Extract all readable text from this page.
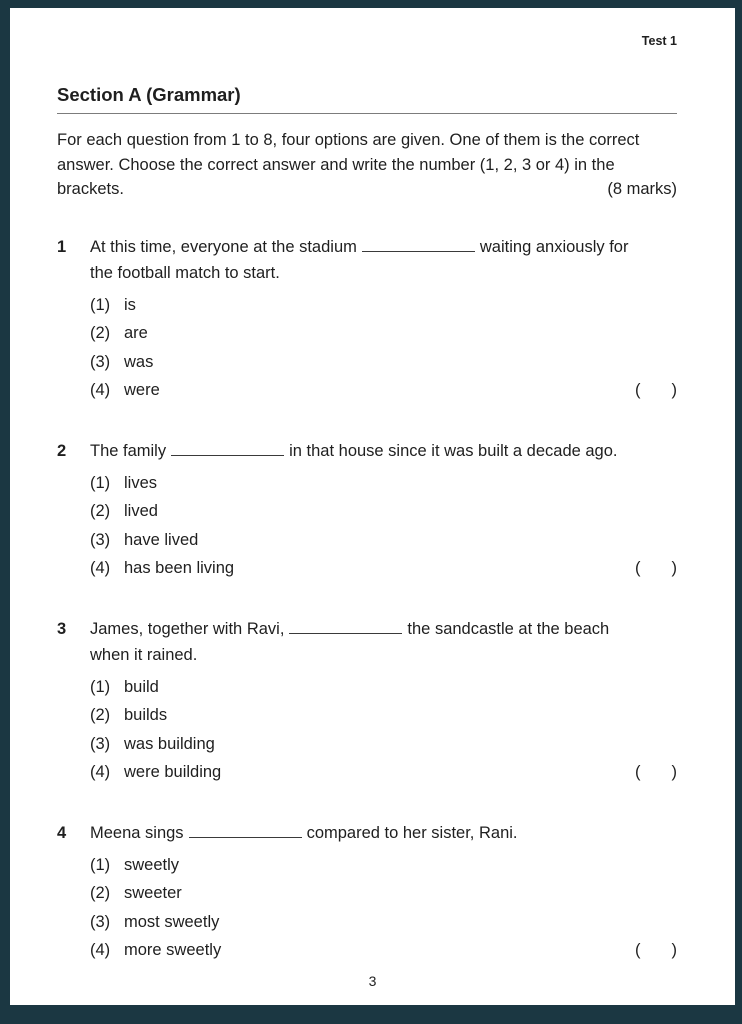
Test 1
Section A (Grammar)
For each question from 1 to 8, four options are given. One of them is the correct answer. Choose the correct answer and write the number (1, 2, 3 or 4) in the brackets.	(8 marks)
1	At this time, everyone at the stadium	waiting anxiously for the football match to start.

(1) is
(2) are
(3) was
(4) were	( )
2	The family	in that house since it was built a decade ago.

(1) lives
(2) lived
(3) have lived
(4) has been living	( )
3	James, together with Ravi,	the sandcastle at the beach when it rained.

(1) build
(2) builds
(3) was building
(4) were building	( )
4	Meena sings	compared to her sister, Rani.

(1) sweetly
(2) sweeter
(3) most sweetly
(4) more sweetly	( )
3
